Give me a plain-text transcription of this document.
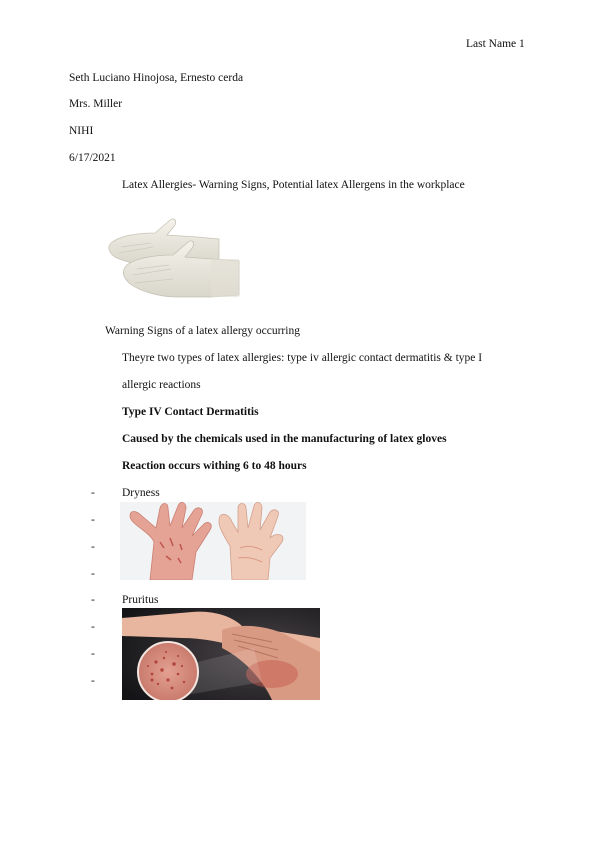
Last Name 1
Seth Luciano Hinojosa, Ernesto cerda
Mrs. Miller
NIHI
6/17/2021
Latex Allergies- Warning Signs, Potential latex Allergens in the workplace
Warning Signs of a latex allergy occurring
Theyre two types of latex allergies: type iv allergic contact dermatitis & type I
allergic reactions
Type IV Contact Dermatitis
Caused by the chemicals used in the manufacturing of latex gloves
Reaction occurs withing 6 to 48 hours
- Dryness
-
-
-
- Pruritus
-
-
-
